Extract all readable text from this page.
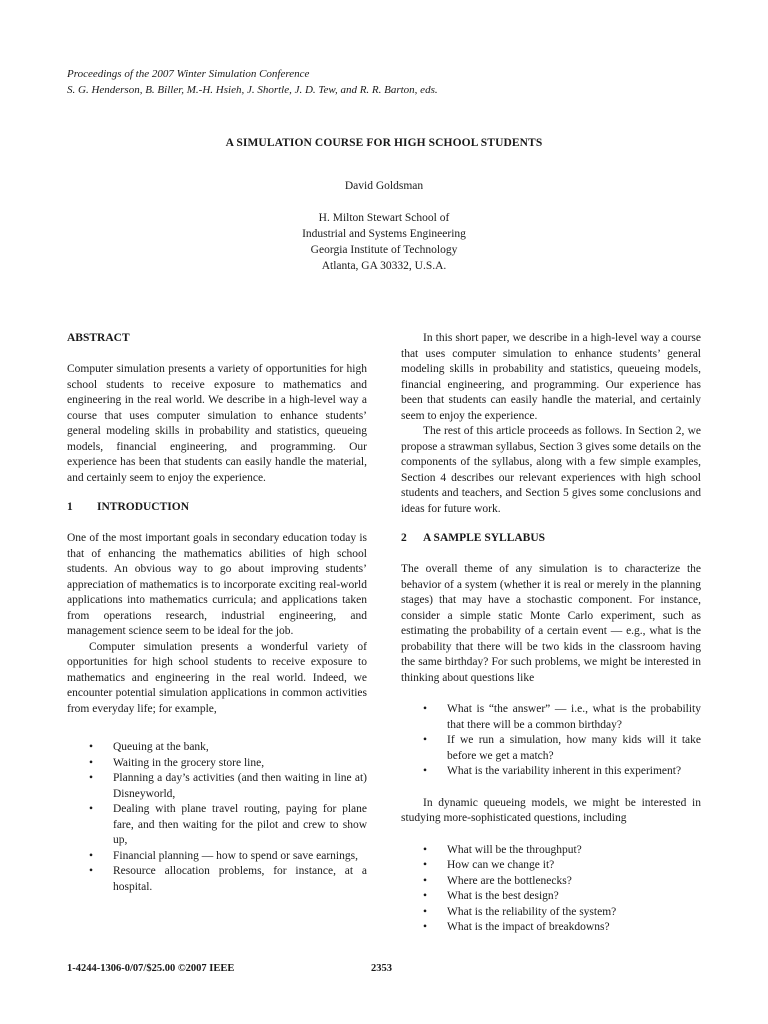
Proceedings of the 2007 Winter Simulation Conference
S. G. Henderson, B. Biller, M.-H. Hsieh, J. Shortle, J. D. Tew, and R. R. Barton, eds.
A SIMULATION COURSE FOR HIGH SCHOOL STUDENTS
David Goldsman
H. Milton Stewart School of
Industrial and Systems Engineering
Georgia Institute of Technology
Atlanta, GA 30332, U.S.A.
ABSTRACT

Computer simulation presents a variety of opportunities for high school students to receive exposure to mathematics and engineering in the real world. We describe in a high-level way a course that uses computer simulation to enhance students’ general modeling skills in probability and statistics, queueing models, financial engineering, and programming. Our experience has been that students can easily handle the material, and certainly seem to enjoy the experience.

1 INTRODUCTION

One of the most important goals in secondary education today is that of enhancing the mathematics abilities of high school students. An obvious way to go about improving students’ appreciation of mathematics is to incorporate exciting real-world applications into mathematics curricula; and applications taken from operations research, industrial engineering, and management science seem to be ideal for the job.

Computer simulation presents a wonderful variety of opportunities for high school students to receive exposure to mathematics and engineering in the real world. Indeed, we encounter potential simulation applications in common activities from everyday life; for example,

• Queuing at the bank,
• Waiting in the grocery store line,
• Planning a day’s activities (and then waiting in line at) Disneyworld,
• Dealing with plane travel routing, paying for plane fare, and then waiting for the pilot and crew to show up,
• Financial planning — how to spend or save earnings,
• Resource allocation problems, for instance, at a hospital.

In this short paper, we describe in a high-level way a course that uses computer simulation to enhance students’ general modeling skills in probability and statistics, queueing models, financial engineering, and programming. Our experience has been that students can easily handle the material, and certainly seem to enjoy the experience.

The rest of this article proceeds as follows. In Section 2, we propose a strawman syllabus, Section 3 gives some details on the components of the syllabus, along with a few simple examples, Section 4 describes our relevant experiences with high school students and teachers, and Section 5 gives some conclusions and ideas for future work.

2 A SAMPLE SYLLABUS

The overall theme of any simulation is to characterize the behavior of a system (whether it is real or merely in the planning stages) that may have a stochastic component. For instance, consider a simple static Monte Carlo experiment, such as estimating the probability of a certain event — e.g., what is the probability that there will be two kids in the classroom having the same birthday? For such problems, we might be interested in thinking about questions like

• What is “the answer” — i.e., what is the probability that there will be a common birthday?
• If we run a simulation, how many kids will it take before we get a match?
• What is the variability inherent in this experiment?

In dynamic queueing models, we might be interested in studying more-sophisticated questions, including

• What will be the throughput?
• How can we change it?
• Where are the bottlenecks?
• What is the best design?
• What is the reliability of the system?
• What is the impact of breakdowns?
1-4244-1306-0/07/$25.00 ©2007 IEEE	2353
